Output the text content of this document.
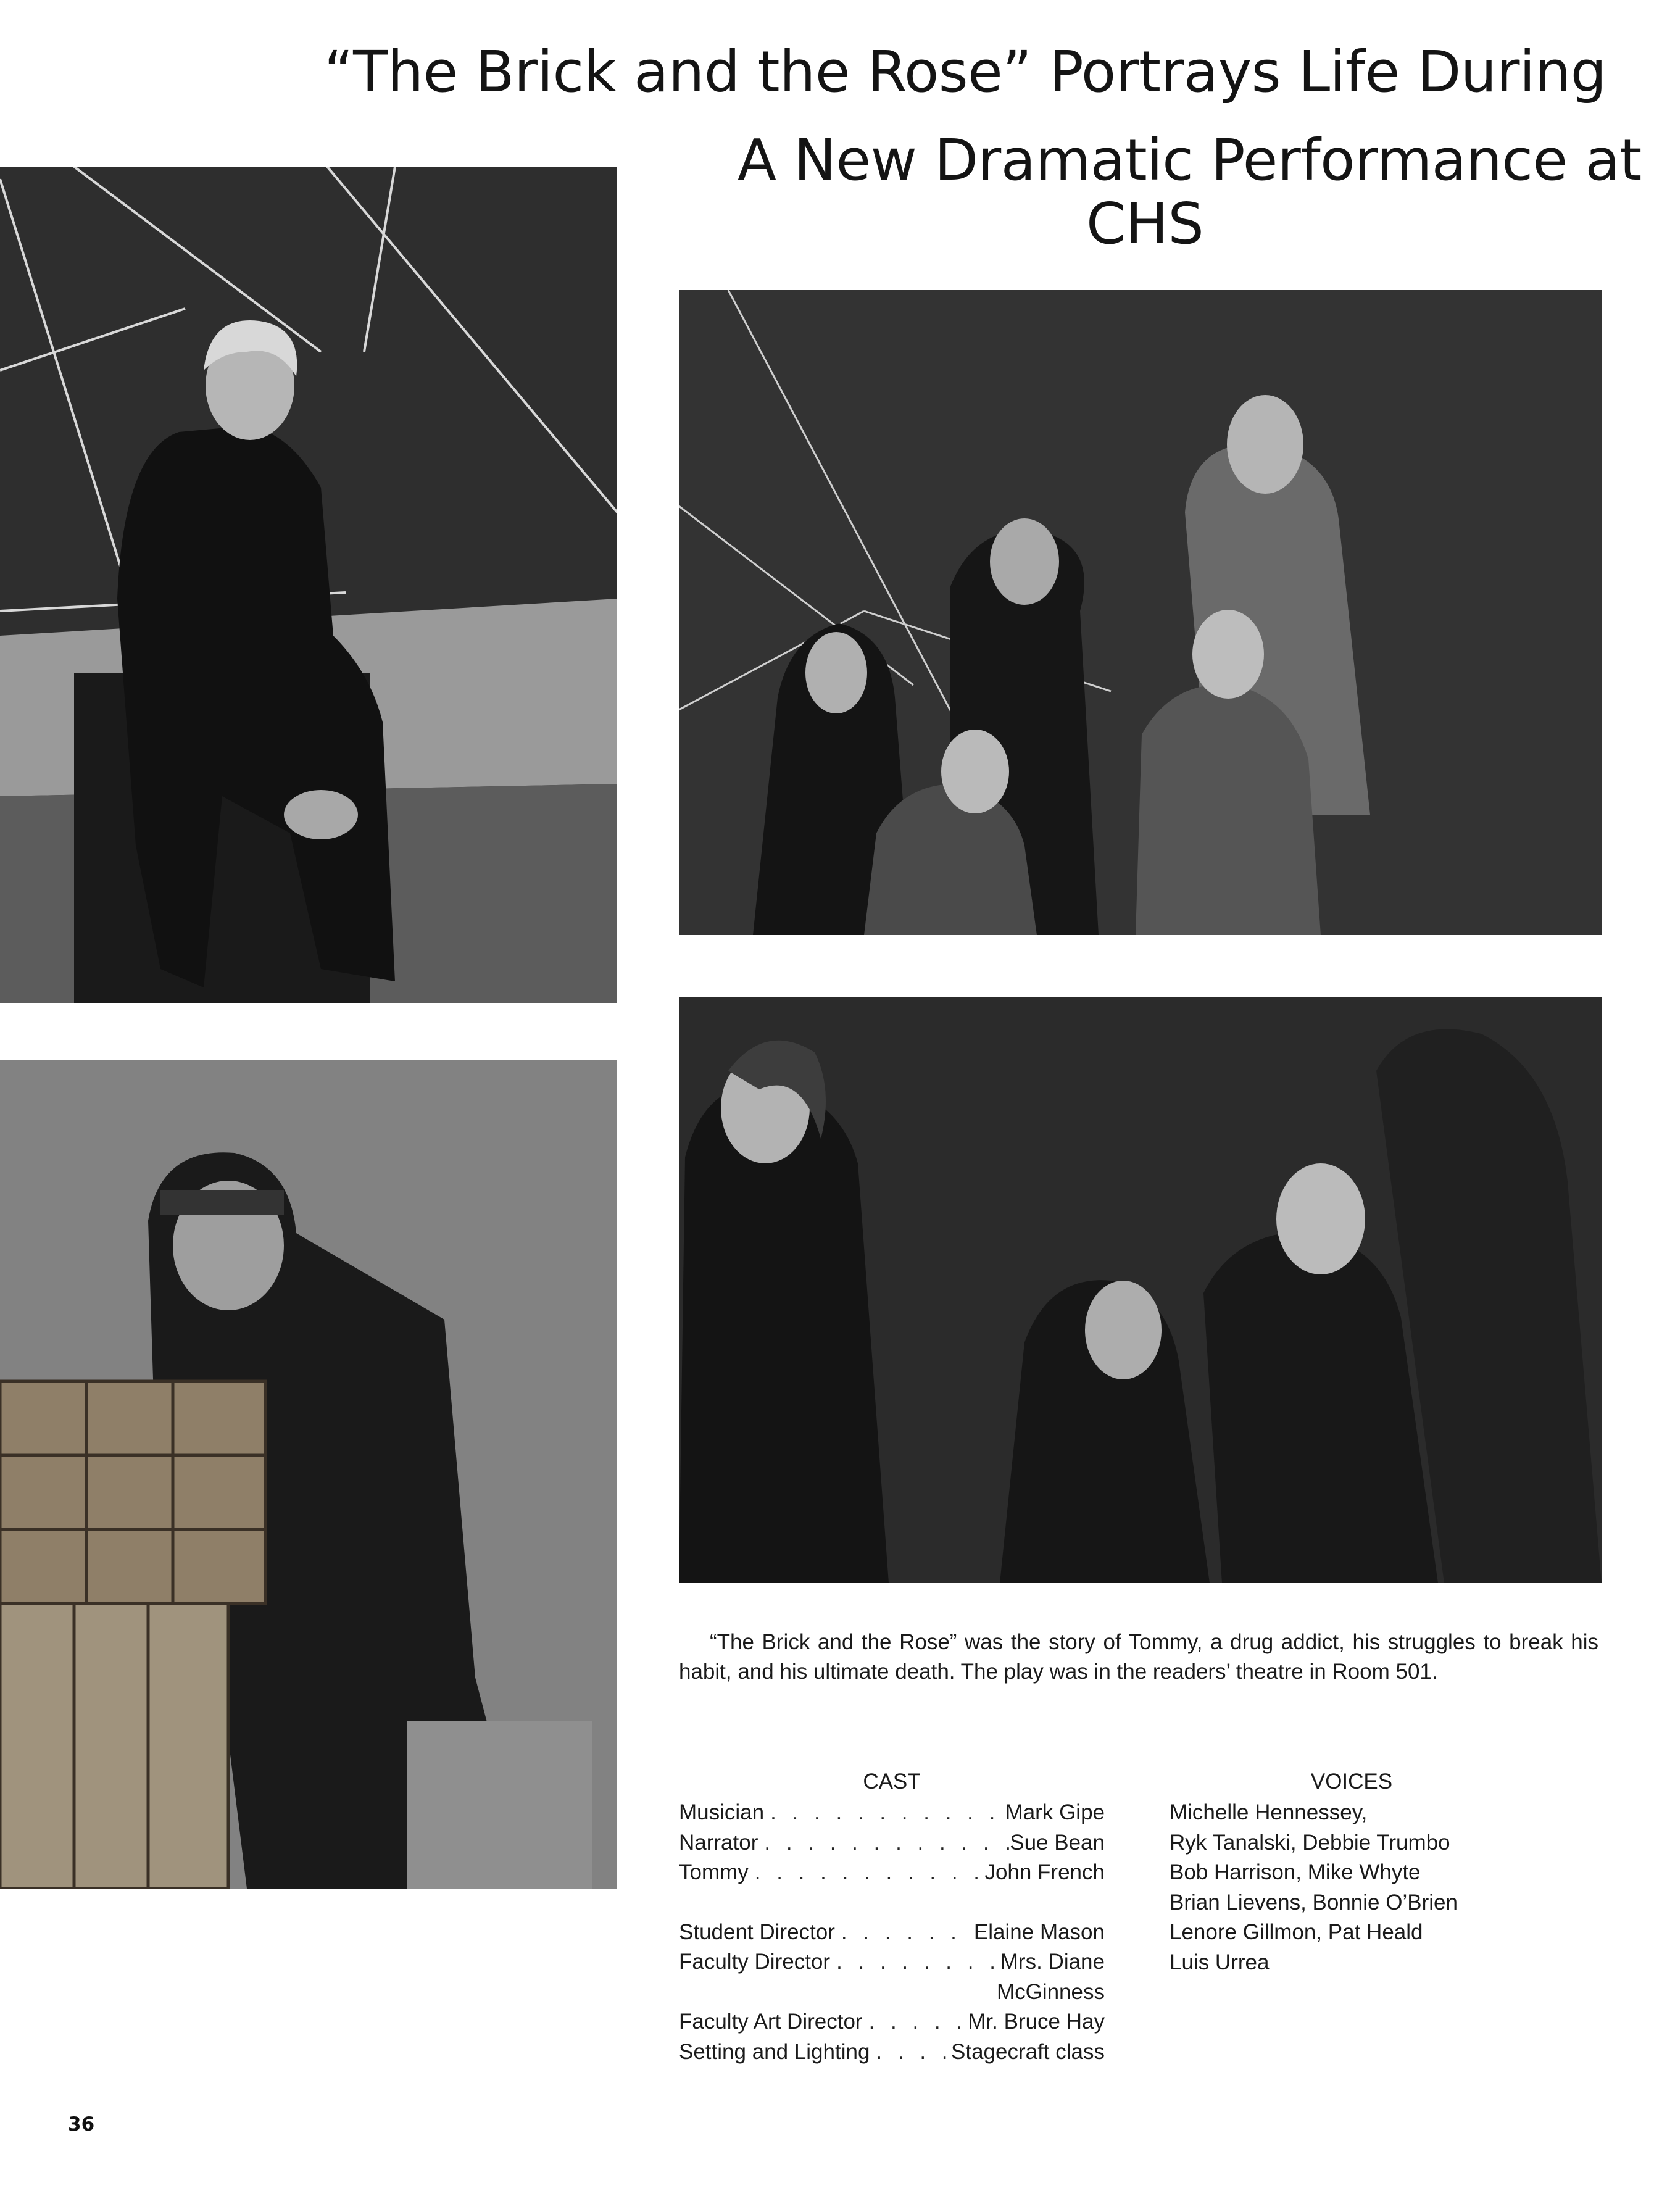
“The Brick and the Rose” Portrays Life During
A New Dramatic Performance at
CHS

“The Brick and the Rose” was the story of Tommy, a drug addict, his struggles to break his habit, and his ultimate death. The play was in the readers’ theatre in Room 501.

CAST
Musician . . .	Mark Gipe
Narrator . . .	Sue Bean
Tommy . . .	John French
Student Director . . .	Elaine Mason
Faculty Director . . .	Mrs. Diane
McGinness
Faculty Art Director . . .	Mr. Bruce Hay
Setting and Lighting . . .	Stagecraft class
VOICES
Michelle Hennessey,
Ryk Tanalski, Debbie Trumbo
Bob Harrison, Mike Whyte
Brian Lievens, Bonnie O’Brien
Lenore Gillmon, Pat Heald
Luis Urrea

36
